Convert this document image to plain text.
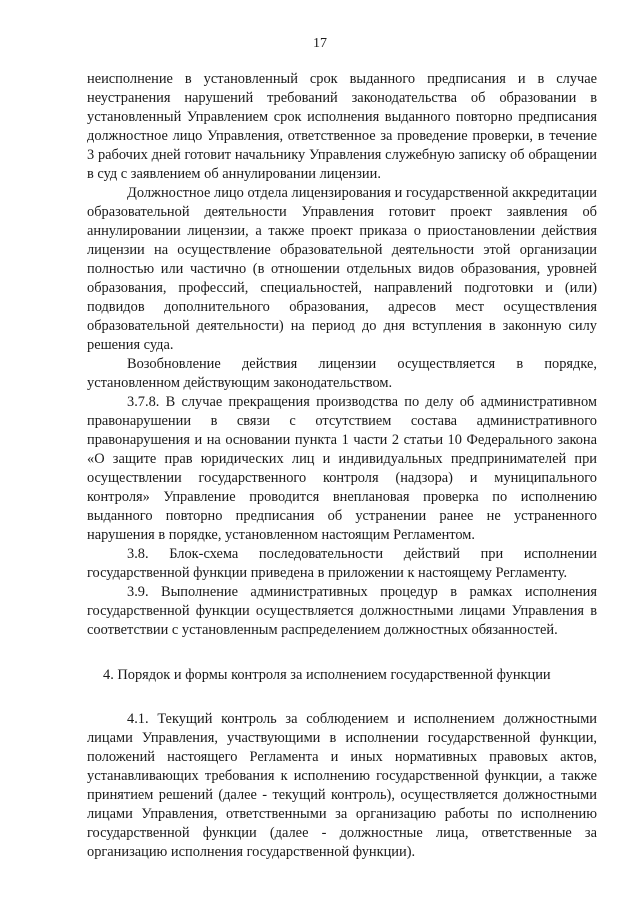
17

неисполнение в установленный срок выданного предписания и в случае неустранения нарушений требований законодательства об образовании в установленный Управлением срок исполнения выданного повторно предписания должностное лицо Управления, ответственное за проведение проверки, в течение 3 рабочих дней готовит начальнику Управления служебную записку об обращении в суд с заявлением об аннулировании лицензии.

Должностное лицо отдела лицензирования и государственной аккредитации образовательной деятельности Управления готовит проект заявления об аннулировании лицензии, а также проект приказа о приостановлении действия лицензии на осуществление образовательной деятельности этой организации полностью или частично (в отношении отдельных видов образования, уровней образования, профессий, специальностей, направлений подготовки и (или) подвидов дополнительного образования, адресов мест осуществления образовательной деятельности) на период до дня вступления в законную силу решения суда.

Возобновление действия лицензии осуществляется в порядке, установленном действующим законодательством.

3.7.8. В случае прекращения производства по делу об административном правонарушении в связи с отсутствием состава административного правонарушения и на основании пункта 1 части 2 статьи 10 Федерального закона «О защите прав юридических лиц и индивидуальных предпринимателей при осуществлении государственного контроля (надзора) и муниципального контроля» Управление проводится внеплановая проверка по исполнению выданного повторно предписания об устранении ранее не устраненного нарушения в порядке, установленном настоящим Регламентом.

3.8. Блок-схема последовательности действий при исполнении государственной функции приведена в приложении к настоящему Регламенту.

3.9. Выполнение административных процедур в рамках исполнения государственной функции осуществляется должностными лицами Управления в соответствии с установленным распределением должностных обязанностей.

4. Порядок и формы контроля за исполнением государственной функции

4.1. Текущий контроль за соблюдением и исполнением должностными лицами Управления, участвующими в исполнении государственной функции, положений настоящего Регламента и иных нормативных правовых актов, устанавливающих требования к исполнению государственной функции, а также принятием решений (далее - текущий контроль), осуществляется должностными лицами Управления, ответственными за организацию работы по исполнению государственной функции (далее - должностные лица, ответственные за организацию исполнения государственной функции).
